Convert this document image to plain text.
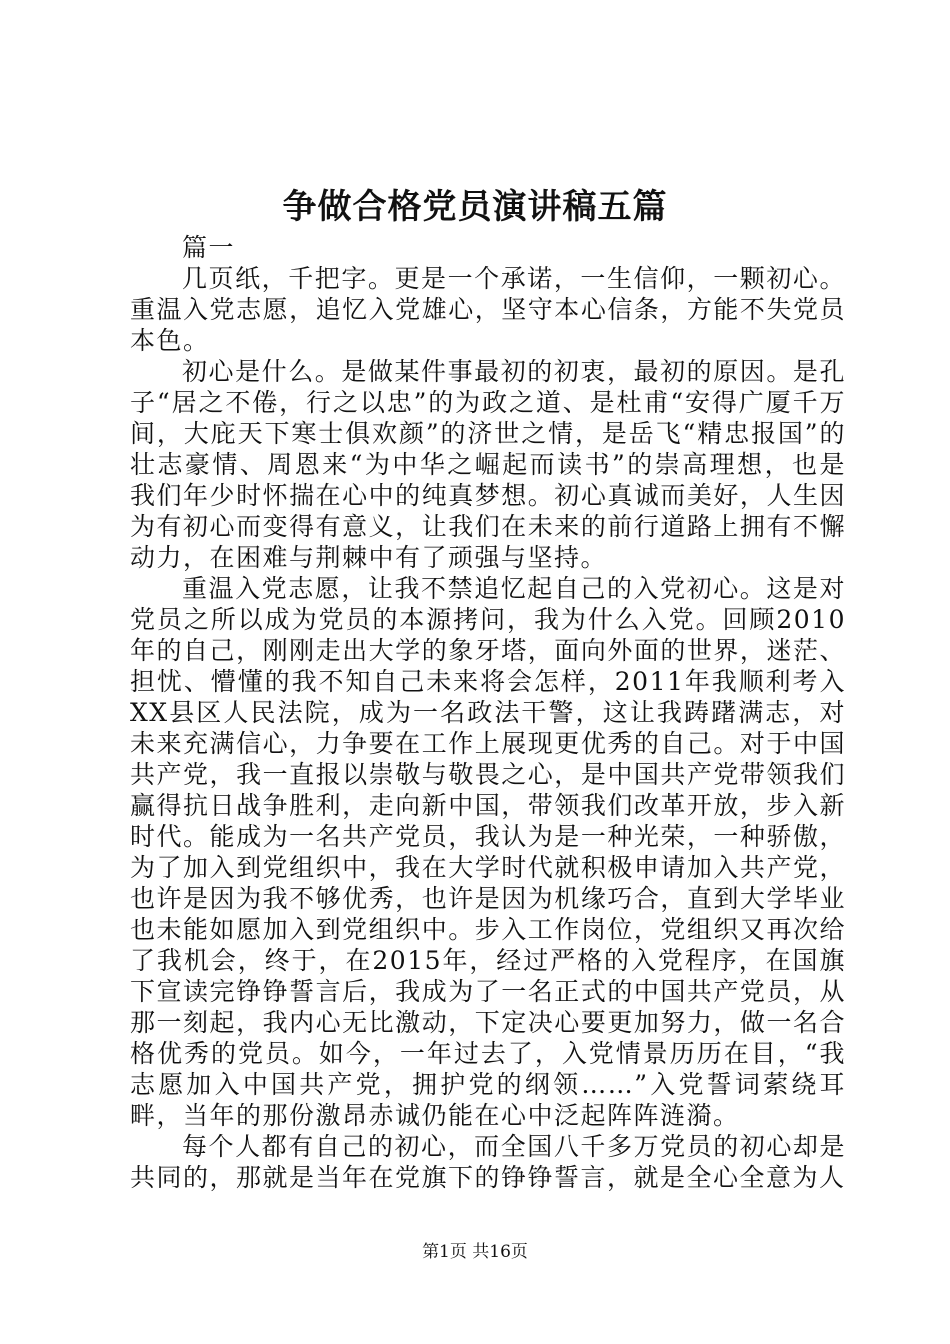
争做合格党员演讲稿五篇

篇一

几页纸，千把字。更是一个承诺，一生信仰，一颗初心。重温入党志愿，追忆入党雄心，坚守本心信条，方能不失党员本色。

初心是什么。是做某件事最初的初衷，最初的原因。是孔子“居之不倦，行之以忠”的为政之道、是杜甫“安得广厦千万间，大庇天下寒士俱欢颜”的济世之情，是岳飞“精忠报国”的壮志豪情、周恩来“为中华之崛起而读书”的崇高理想，也是我们年少时怀揣在心中的纯真梦想。初心真诚而美好，人生因为有初心而变得有意义，让我们在未来的前行道路上拥有不懈动力，在困难与荆棘中有了顽强与坚持。

重温入党志愿，让我不禁追忆起自己的入党初心。这是对党员之所以成为党员的本源拷问，我为什么入党。回顾2010年的自己，刚刚走出大学的象牙塔，面向外面的世界，迷茫、担忧、懵懂的我不知自己未来将会怎样，2011年我顺利考入XX县区人民法院，成为一名政法干警，这让我踌躇满志，对未来充满信心，力争要在工作上展现更优秀的自己。对于中国共产党，我一直报以崇敬与敬畏之心，是中国共产党带领我们赢得抗日战争胜利，走向新中国，带领我们改革开放，步入新时代。能成为一名共产党员，我认为是一种光荣，一种骄傲，为了加入到党组织中，我在大学时代就积极申请加入共产党，也许是因为我不够优秀，也许是因为机缘巧合，直到大学毕业也未能如愿加入到党组织中。步入工作岗位，党组织又再次给了我机会，终于，在2015年，经过严格的入党程序，在国旗下宣读完铮铮誓言后，我成为了一名正式的中国共产党员，从那一刻起，我内心无比激动，下定决心要更加努力，做一名合格优秀的党员。如今，一年过去了，入党情景历历在目，“我志愿加入中国共产党，拥护党的纲领……”入党誓词萦绕耳畔，当年的那份激昂赤诚仍能在心中泛起阵阵涟漪。

每个人都有自己的初心，而全国八千多万党员的初心却是共同的，那就是当年在党旗下的铮铮誓言，就是全心全意为人

第1页 共16页
